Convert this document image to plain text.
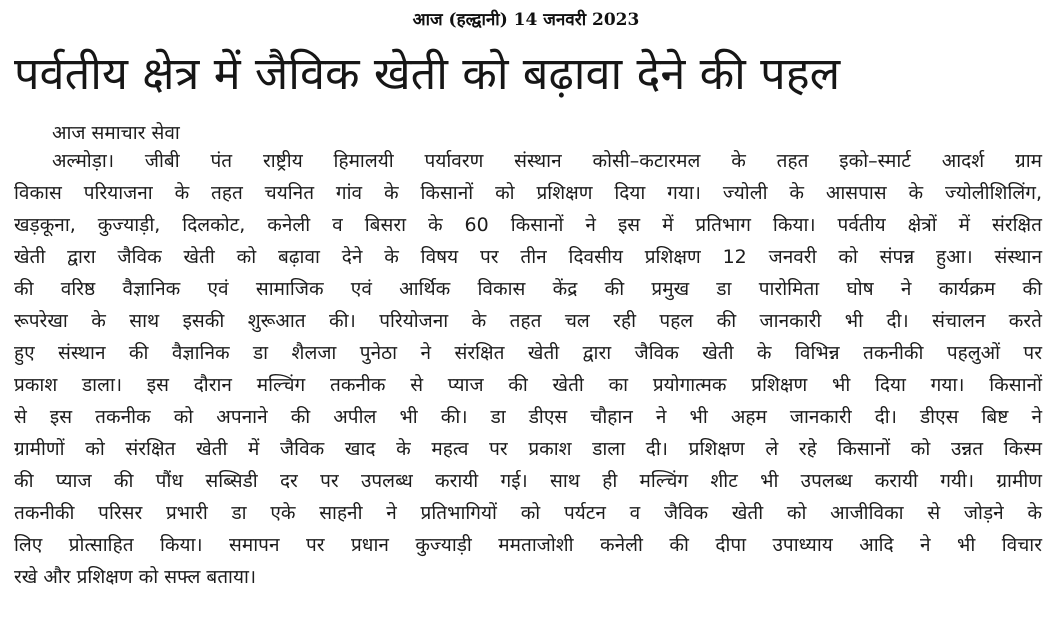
आज (हल्द्वानी) 14 जनवरी 2023
पर्वतीय क्षेत्र में जैविक खेती को बढ़ावा देने की पहल
आज समाचार सेवा
अल्मोड़ा। जीबी पंत राष्ट्रीय हिमालयी पर्यावरण संस्थान कोसी–कटारमल के तहत इको–स्मार्ट आदर्श ग्राम
विकास परियाजना के तहत चयनित गांव के किसानों को प्रशिक्षण दिया गया। ज्योली के आसपास के ज्योलीशिलिंग,
खड़कूना, कुज्याड़ी, दिलकोट, कनेली व बिसरा के 60 किसानों ने इस में प्रतिभाग किया। पर्वतीय क्षेत्रों में संरक्षित
खेती द्वारा जैविक खेती को बढ़ावा देने के विषय पर तीन दिवसीय प्रशिक्षण 12 जनवरी को संपन्न हुआ। संस्थान
की वरिष्ठ वैज्ञानिक एवं सामाजिक एवं आर्थिक विकास केंद्र की प्रमुख डा पारोमिता घोष ने कार्यक्रम की
रूपरेखा के साथ इसकी शुरूआत की। परियोजना के तहत चल रही पहल की जानकारी भी दी। संचालन करते
हुए संस्थान की वैज्ञानिक डा शैलजा पुनेठा ने संरक्षित खेती द्वारा जैविक खेती के विभिन्न तकनीकी पहलुओं पर
प्रकाश डाला। इस दौरान मल्चिंग तकनीक से प्याज की खेती का प्रयोगात्मक प्रशिक्षण भी दिया गया। किसानों
से इस तकनीक को अपनाने की अपील भी की। डा डीएस चौहान ने भी अहम जानकारी दी। डीएस बिष्ट ने
ग्रामीणों को संरक्षित खेती में जैविक खाद के महत्व पर प्रकाश डाला दी। प्रशिक्षण ले रहे किसानों को उन्नत किस्म
की प्याज की पौंध सब्सिडी दर पर उपलब्ध करायी गई। साथ ही मल्चिंग शीट भी उपलब्ध करायी गयी। ग्रामीण
तकनीकी परिसर प्रभारी डा एके साहनी ने प्रतिभागियों को पर्यटन व जैविक खेती को आजीविका से जोड़ने के
लिए प्रोत्साहित किया। समापन पर प्रधान कुज्याड़ी ममताजोशी कनेली की दीपा उपाध्याय आदि ने भी विचार
रखे और प्रशिक्षण को सफ्ल बताया।
